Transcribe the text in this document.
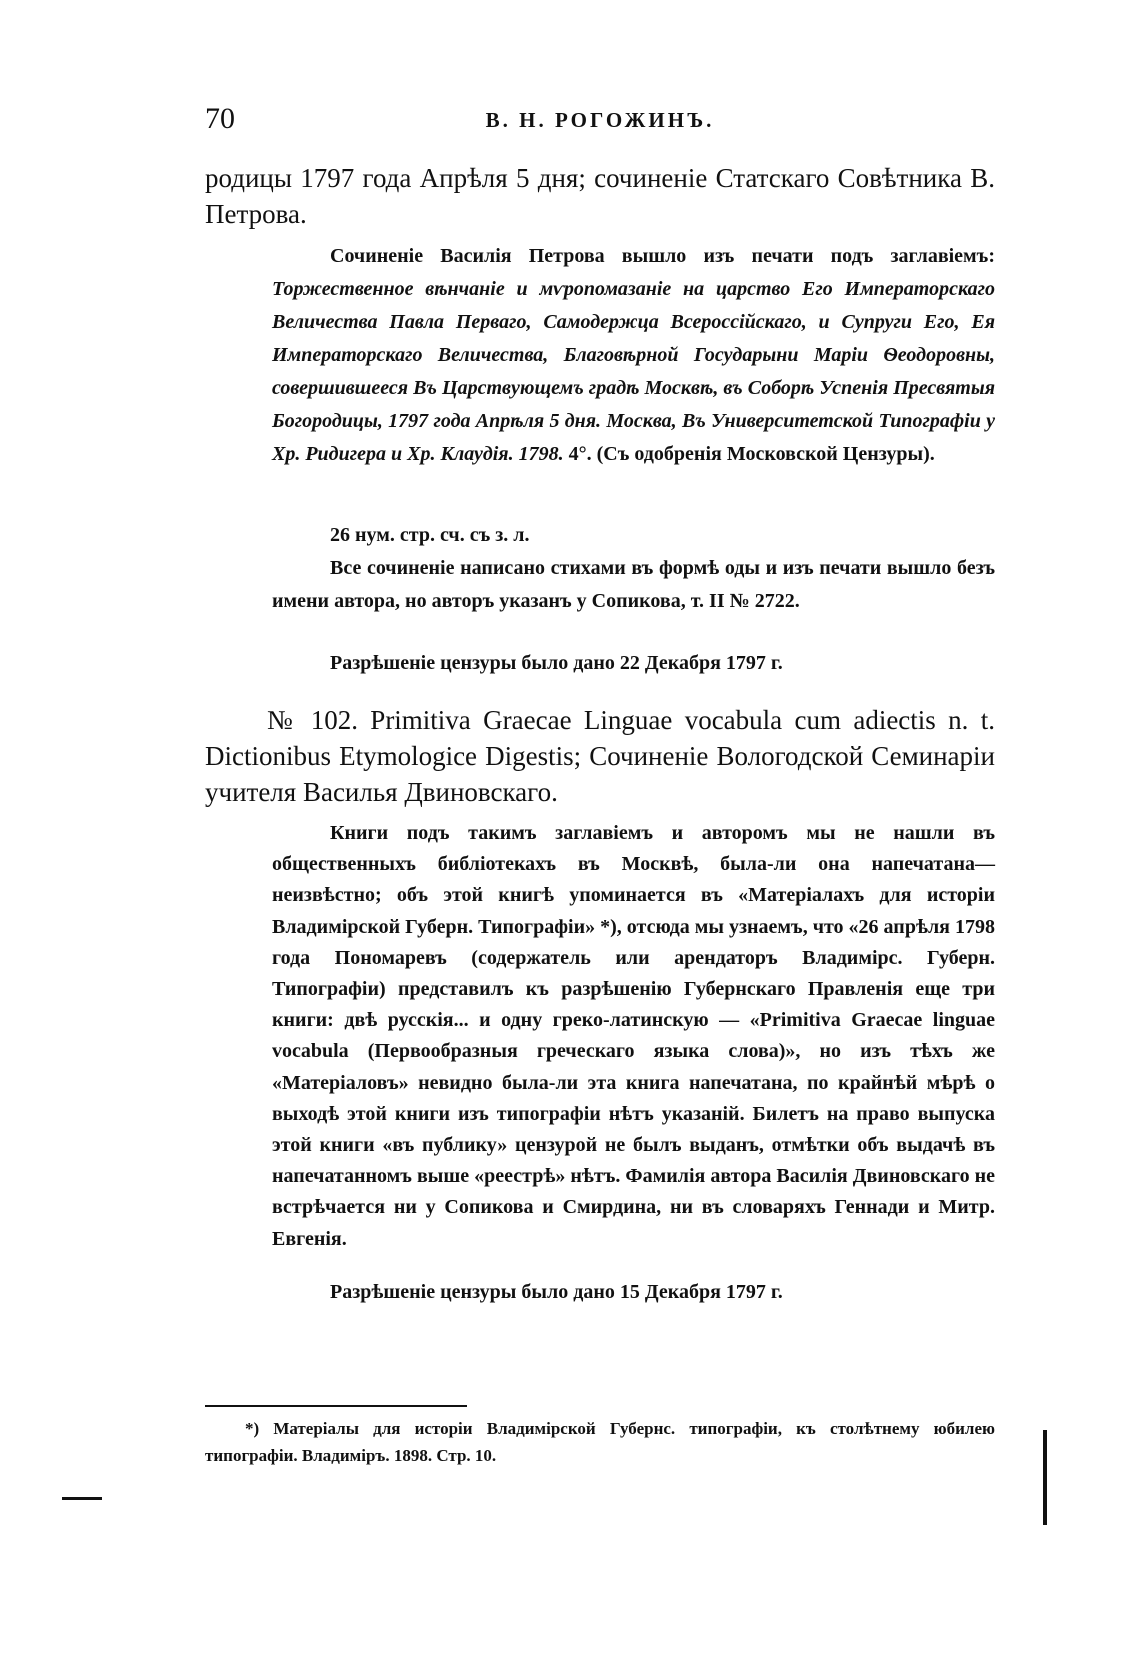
70	В. Н. РОГОЖИНЪ.

родицы 1797 года Апрѣля 5 дня; сочиненіе Статскаго Совѣтника В. Петрова.

Сочиненіе Василія Петрова вышло изъ печати подъ заглавіемъ: Торжественное вѣнчаніе и мѵропомазаніе на царство Его Императорскаго Величества Павла Перваго, Самодержца Всероссійскаго, и Супруги Его, Ея Императорскаго Величества, Благовѣрной Государыни Маріи Ѳеодоровны, совершившееся Въ Царствующемъ градѣ Москвѣ, въ Соборѣ Успенія Пресвятыя Богородицы, 1797 года Апрѣля 5 дня. Москва, Въ Университетской Типографіи у Хр. Ридигера и Хр. Клаудія. 1798. 4°. (Съ одобренія Московской Цензуры).

26 нум. стр. сч. съ з. л.

Все сочиненіе написано стихами въ формѣ оды и изъ печати вышло безъ имени автора, но авторъ указанъ у Сопикова, т. II № 2722.

Разрѣшеніе цензуры было дано 22 Декабря 1797 г.

№ 102. Primitiva Graecae Linguae vocabula cum adiectis n. t. Dictionibus Etymologice Digestis; Сочиненіе Вологодской Семинаріи учителя Василья Двиновскаго.

Книги подъ такимъ заглавіемъ и авторомъ мы не нашли въ общественныхъ библіотекахъ въ Москвѣ, была-ли она напечатана—неизвѣстно; объ этой книгѣ упоминается въ «Матеріалахъ для исторіи Владимірской Губерн. Типографіи» *), отсюда мы узнаемъ, что «26 апрѣля 1798 года Пономаревъ (содержатель или арендаторъ Владимірс. Губерн. Типографіи) представилъ къ разрѣшенію Губернскаго Правленія еще три книги: двѣ русскія... и одну греко-латинскую — «Primitiva Graecae linguae vocabula (Первообразныя греческаго языка слова)», но изъ тѣхъ же «Матеріаловъ» невидно была-ли эта книга напечатана, по крайнѣй мѣрѣ о выходѣ этой книги изъ типографіи нѣтъ указаній. Билетъ на право выпуска этой книги «въ публику» цензурой не былъ выданъ, отмѣтки объ выдачѣ въ напечатанномъ выше «реестрѣ» нѣтъ. Фамилія автора Василія Двиновскаго не встрѣчается ни у Сопикова и Смирдина, ни въ словаряхъ Геннади и Митр. Евгенія.

Разрѣшеніе цензуры было дано 15 Декабря 1797 г.

*) Матеріалы для исторіи Владимірской Губернс. типографіи, къ столѣтнему юбилею типографіи. Владиміръ. 1898. Стр. 10.
